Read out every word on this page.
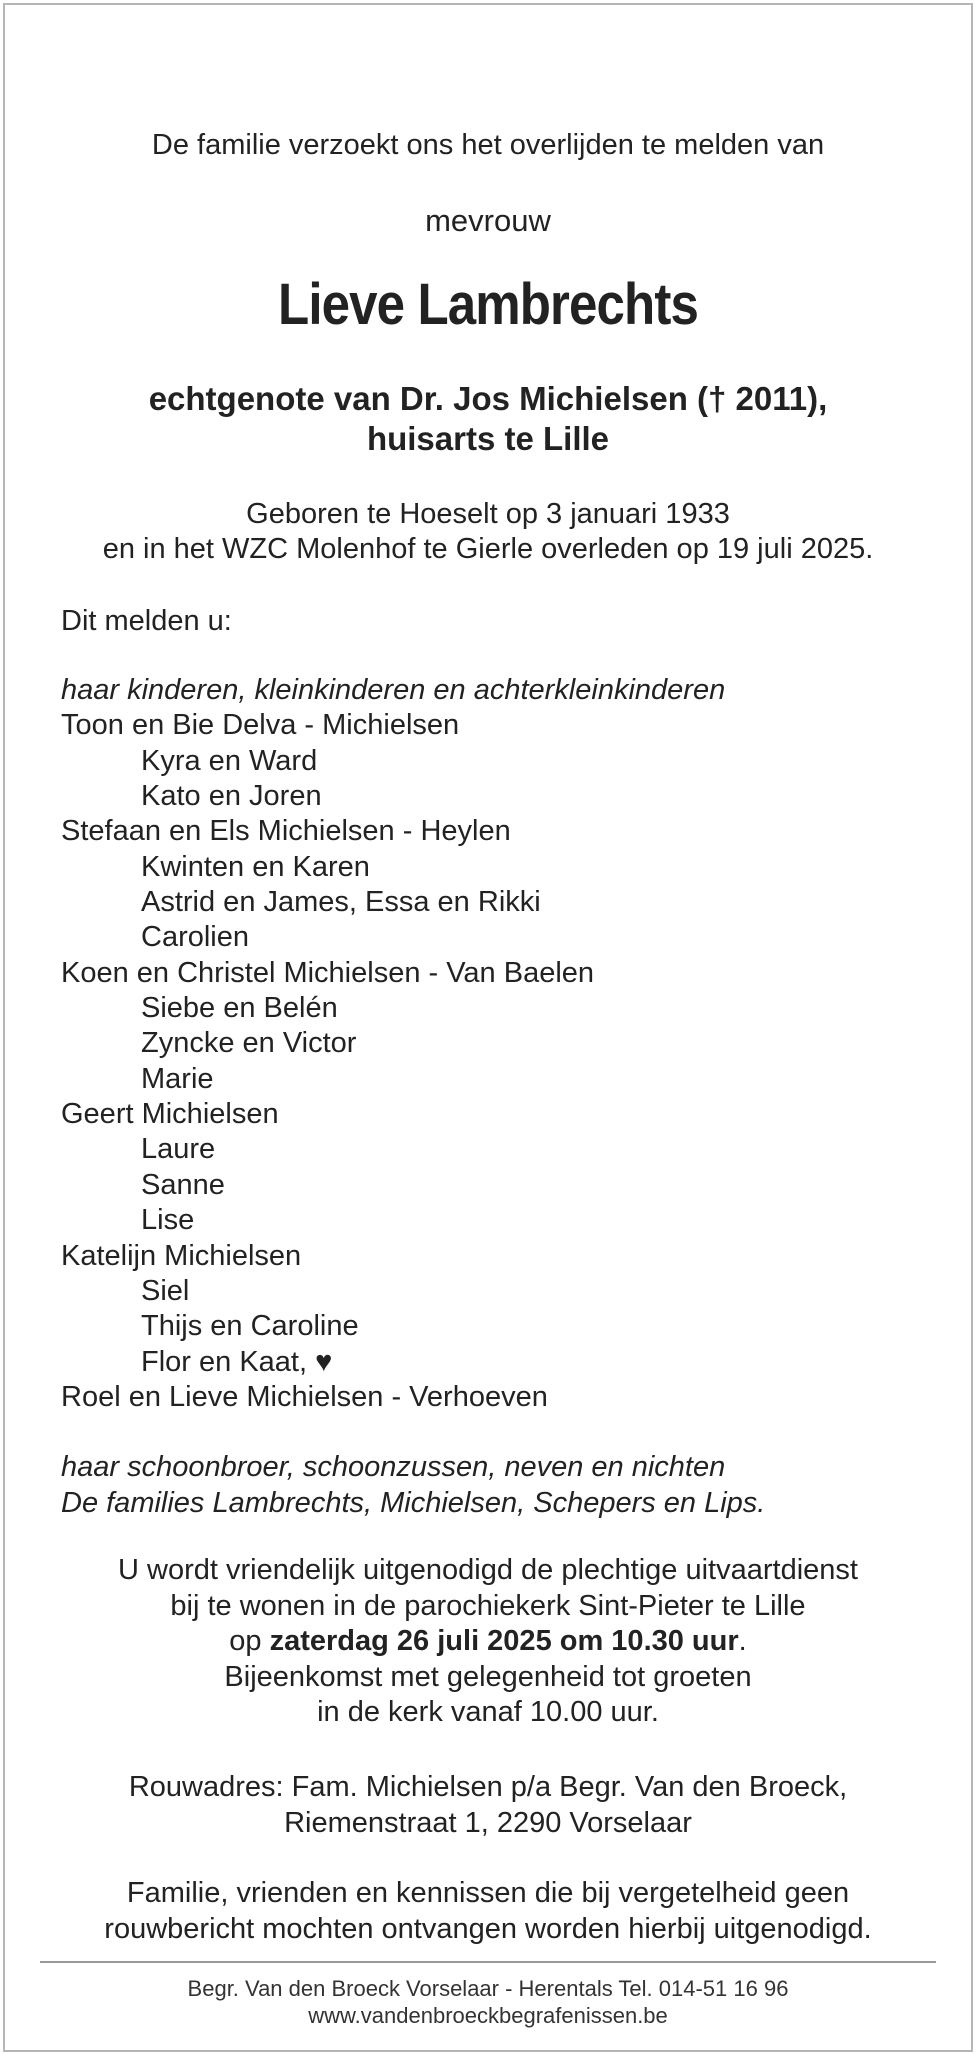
De familie verzoekt ons het overlijden te melden van
mevrouw
Lieve Lambrechts
echtgenote van Dr. Jos Michielsen († 2011),
huisarts te Lille
Geboren te Hoeselt op 3 januari 1933
en in het WZC Molenhof te Gierle overleden op 19 juli 2025.
Dit melden u:
haar kinderen, kleinkinderen en achterkleinkinderen
Toon en Bie Delva - Michielsen
Kyra en Ward
Kato en Joren
Stefaan en Els Michielsen - Heylen
Kwinten en Karen
Astrid en James, Essa en Rikki
Carolien
Koen en Christel Michielsen - Van Baelen
Siebe en Belén
Zyncke en Victor
Marie
Geert Michielsen
Laure
Sanne
Lise
Katelijn Michielsen
Siel
Thijs en Caroline
Flor en Kaat, ♥
Roel en Lieve Michielsen - Verhoeven
haar schoonbroer, schoonzussen, neven en nichten
De families Lambrechts, Michielsen, Schepers en Lips.
U wordt vriendelijk uitgenodigd de plechtige uitvaartdienst
bij te wonen in de parochiekerk Sint-Pieter te Lille
op zaterdag 26 juli 2025 om 10.30 uur.
Bijeenkomst met gelegenheid tot groeten
in de kerk vanaf 10.00 uur.
Rouwadres: Fam. Michielsen p/a Begr. Van den Broeck,
Riemenstraat 1, 2290 Vorselaar
Familie, vrienden en kennissen die bij vergetelheid geen
rouwbericht mochten ontvangen worden hierbij uitgenodigd.
Begr. Van den Broeck Vorselaar - Herentals Tel. 014-51 16 96
www.vandenbroeckbegrafenissen.be
